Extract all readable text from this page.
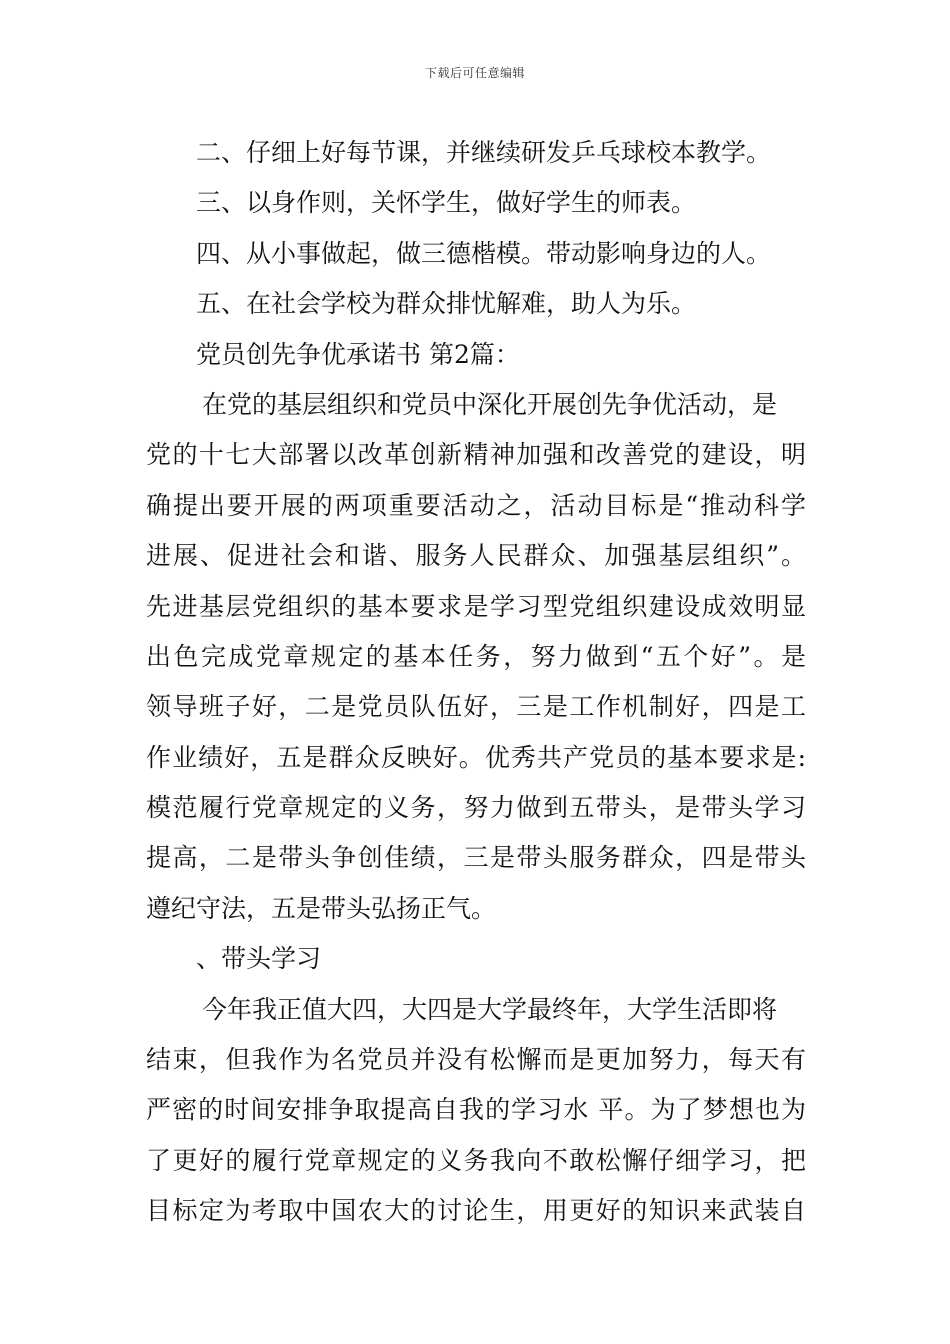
下载后可任意编辑
二、仔细上好每节课，并继续研发乒乓球校本教学。
三、以身作则，关怀学生，做好学生的师表。
四、从小事做起，做三德楷模。带动影响身边的人。
五、在社会学校为群众排忧解难，助人为乐。
党员创先争优承诺书 第2篇：
在党的基层组织和党员中深化开展创先争优活动，是
党的十七大部署以改革创新精神加强和改善党的建设，明
确提出要开展的两项重要活动之，活动目标是“推动科学
进展、促进社会和谐、服务人民群众、加强基层组织”。
先进基层党组织的基本要求是学习型党组织建设成效明显
出色完成党章规定的基本任务，努力做到“五个好”。是
领导班子好，二是党员队伍好，三是工作机制好，四是工
作业绩好，五是群众反映好。优秀共产党员的基本要求是:
模范履行党章规定的义务，努力做到五带头，是带头学习
提高，二是带头争创佳绩，三是带头服务群众，四是带头
遵纪守法，五是带头弘扬正气。
、带头学习
今年我正值大四，大四是大学最终年，大学生活即将
结束，但我作为名党员并没有松懈而是更加努力，每天有
严密的时间安排争取提高自我的学习水 平。为了梦想也为
了更好的履行党章规定的义务我向不敢松懈仔细学习，把
目标定为考取中国农大的讨论生，用更好的知识来武装自
